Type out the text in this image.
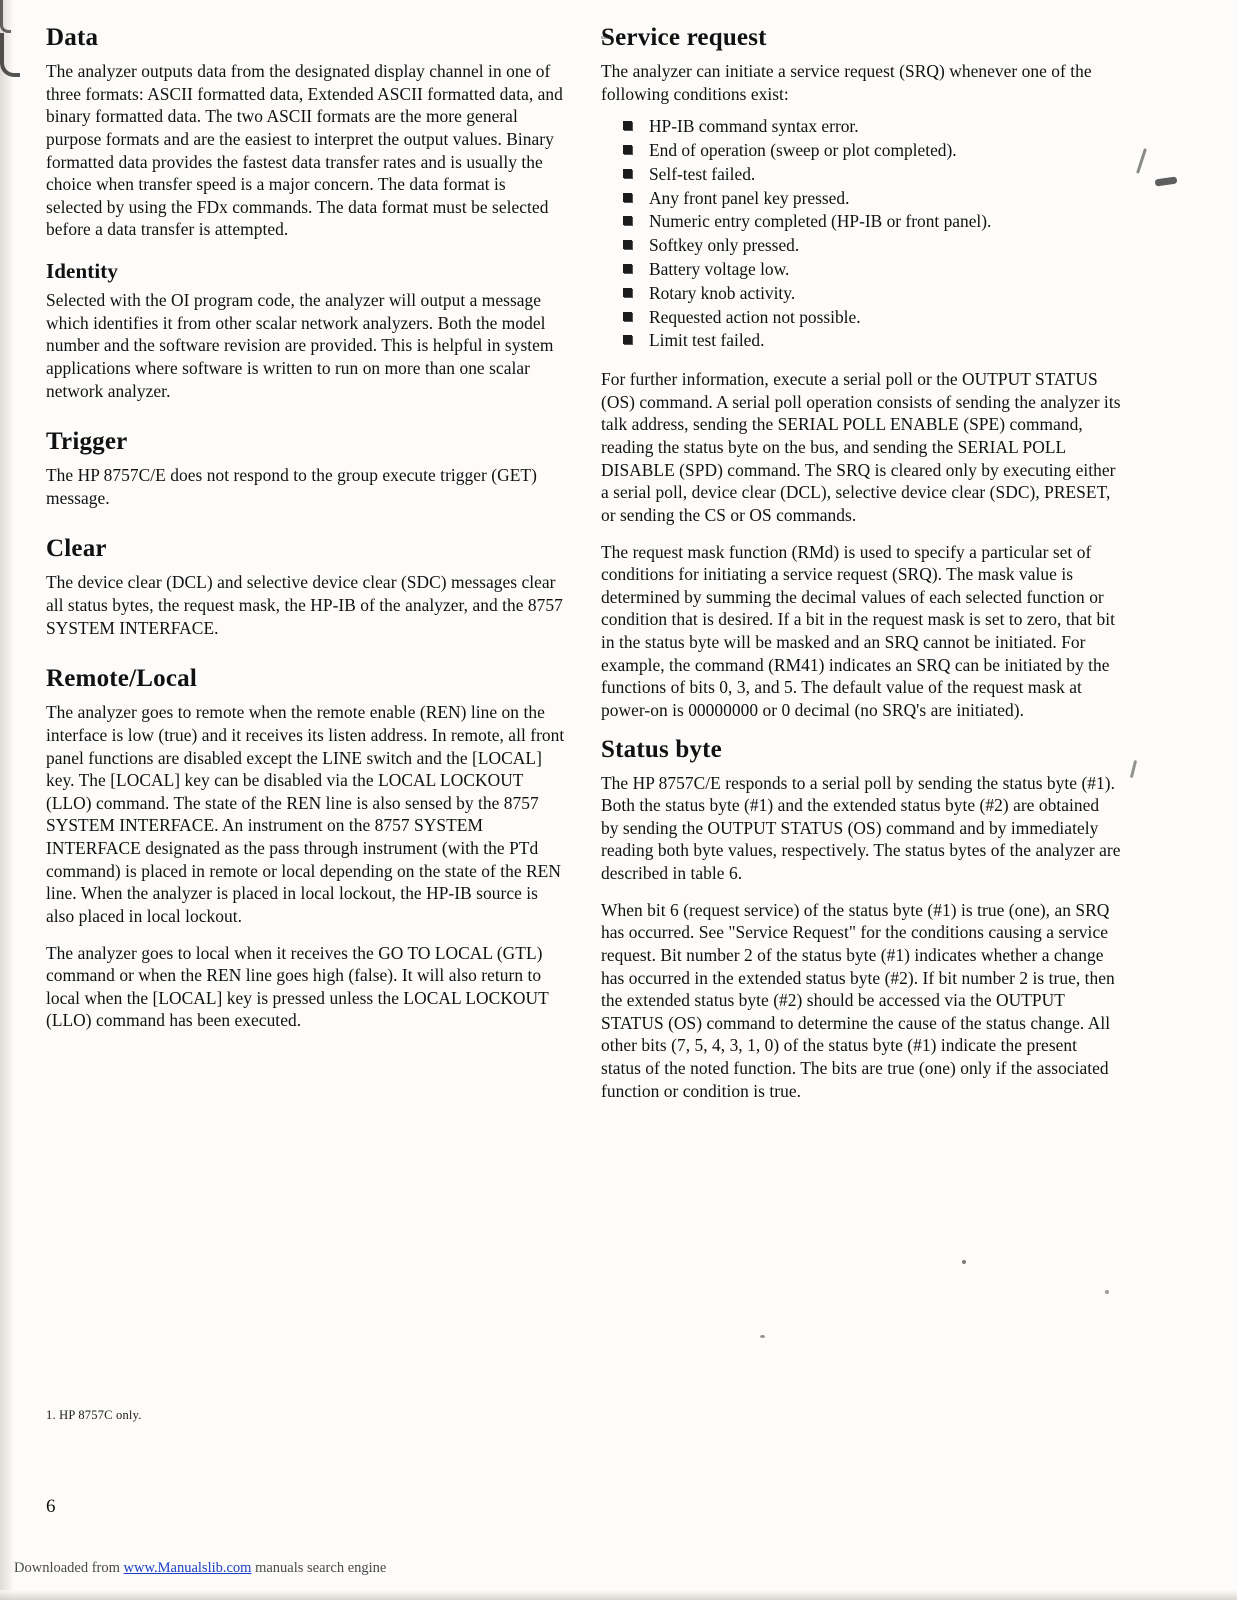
Data

The analyzer outputs data from the designated display channel in one of three formats: ASCII formatted data, Extended ASCII formatted data, and binary formatted data. The two ASCII formats are the more general purpose formats and are the easiest to interpret the output values. Binary formatted data provides the fastest data transfer rates and is usually the choice when transfer speed is a major concern. The data format is selected by using the FDx commands. The data format must be selected before a data transfer is attempted.

Identity

Selected with the OI program code, the analyzer will output a message which identifies it from other scalar network analyzers. Both the model number and the software revision are provided. This is helpful in system applications where software is written to run on more than one scalar network analyzer.

Trigger

The HP 8757C/E does not respond to the group execute trigger (GET) message.

Clear

The device clear (DCL) and selective device clear (SDC) messages clear all status bytes, the request mask, the HP-IB of the analyzer, and the 8757 SYSTEM INTERFACE.

Remote/Local

The analyzer goes to remote when the remote enable (REN) line on the interface is low (true) and it receives its listen address. In remote, all front panel functions are disabled except the LINE switch and the [LOCAL] key. The [LOCAL] key can be disabled via the LOCAL LOCKOUT (LLO) command. The state of the REN line is also sensed by the 8757 SYSTEM INTERFACE. An instrument on the 8757 SYSTEM INTERFACE designated as the pass through instrument (with the PTd command) is placed in remote or local depending on the state of the REN line. When the analyzer is placed in local lockout, the HP-IB source is also placed in local lockout.

The analyzer goes to local when it receives the GO TO LOCAL (GTL) command or when the REN line goes high (false). It will also return to local when the [LOCAL] key is pressed unless the LOCAL LOCKOUT (LLO) command has been executed.

Service request

The analyzer can initiate a service request (SRQ) whenever one of the following conditions exist:

HP-IB command syntax error.
End of operation (sweep or plot completed).
Self-test failed.
Any front panel key pressed.
Numeric entry completed (HP-IB or front panel).
Softkey only pressed.
Battery voltage low.
Rotary knob activity.
Requested action not possible.
Limit test failed.

For further information, execute a serial poll or the OUTPUT STATUS (OS) command. A serial poll operation consists of sending the analyzer its talk address, sending the SERIAL POLL ENABLE (SPE) command, reading the status byte on the bus, and sending the SERIAL POLL DISABLE (SPD) command. The SRQ is cleared only by executing either a serial poll, device clear (DCL), selective device clear (SDC), PRESET, or sending the CS or OS commands.

The request mask function (RMd) is used to specify a particular set of conditions for initiating a service request (SRQ). The mask value is determined by summing the decimal values of each selected function or condition that is desired. If a bit in the request mask is set to zero, that bit in the status byte will be masked and an SRQ cannot be initiated. For example, the command (RM41) indicates an SRQ can be initiated by the functions of bits 0, 3, and 5. The default value of the request mask at power-on is 00000000 or 0 decimal (no SRQ's are initiated).

Status byte

The HP 8757C/E responds to a serial poll by sending the status byte (#1). Both the status byte (#1) and the extended status byte (#2) are obtained by sending the OUTPUT STATUS (OS) command and by immediately reading both byte values, respectively. The status bytes of the analyzer are described in table 6.

When bit 6 (request service) of the status byte (#1) is true (one), an SRQ has occurred. See "Service Request" for the conditions causing a service request. Bit number 2 of the status byte (#1) indicates whether a change has occurred in the extended status byte (#2). If bit number 2 is true, then the extended status byte (#2) should be accessed via the OUTPUT STATUS (OS) command to determine the cause of the status change. All other bits (7, 5, 4, 3, 1, 0) of the status byte (#1) indicate the present status of the noted function. The bits are true (one) only if the associated function or condition is true.

1. HP 8757C only.
6
Downloaded from www.Manualslib.com manuals search engine
